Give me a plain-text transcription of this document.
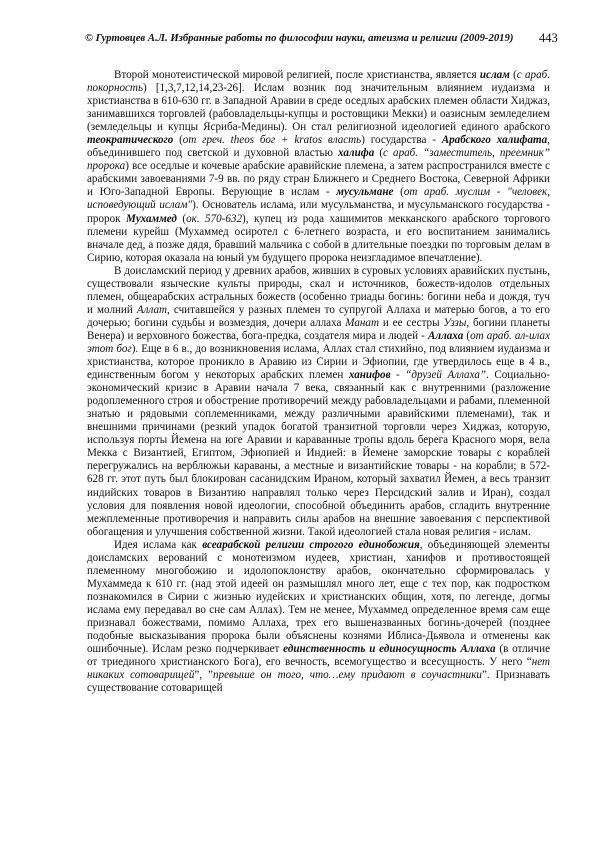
© Гуртовцев А.Л. Избранные работы по философии науки, атеизма и религии (2009-2019)	443

Второй монотеистической мировой религией, после христианства, является ислам (с араб. покорность) [1,3,7,12,14,23-26]. Ислам возник под значительным влиянием иудаизма и христианства в 610-630 гг. в Западной Аравии в среде оседлых арабских племен области Хиджаз, занимавшихся торговлей (рабовладельцы-купцы и ростовщики Мекки) и оазисным земледелием (земледельцы и купцы Ясриба-Медины). Он стал религиозной идеологией единого арабского теократического (от греч. theos бог + kratos власть) государства - Арабского халифата, объединившего под светской и духовной властью халифа (с араб. “заместитель, преемник” пророка) все оседлые и кочевые арабские аравийские племена, а затем распространился вместе с арабскими завоеваниями 7-9 вв. по ряду стран Ближнего и Среднего Востока, Северной Африки и Юго-Западной Европы. Верующие в ислам - мусульмане (от араб. муслим - "человек, исповедующий ислам"). Основатель ислама, или мусульманства, и мусульманского государства - пророк Мухаммед (ок. 570-632), купец из рода хашимитов мекканского арабского торгового племени курейш (Мухаммед осиротел с 6-летнего возраста, и его воспитанием занимались вначале дед, а позже дядя, бравший мальчика с собой в длительные поездки по торговым делам в Сирию, которая оказала на юный ум будущего пророка неизгладимое впечатление).

В доисламский период у древних арабов, живших в суровых условиях аравийских пустынь, существовали языческие культы природы, скал и источников, божеств-идолов отдельных племен, общеарабских астральных божеств (особенно триады богинь: богини неба и дождя, туч и молний Аллат, считавшейся у разных племен то супругой Аллаха и матерью богов, а то его дочерью; богини судьбы и возмездия, дочери аллаха Манат и ее сестры Уззы, богини планеты Венера) и верховного божества, бога-предка, создателя мира и людей - Аллаха (от араб. ал-илах этот бог). Еще в 6 в., до возникновения ислама, Аллах стал стихийно, под влиянием иудаизма и христианства, которое проникло в Аравию из Сирии и Эфиопии, где утвердилось еще в 4 в., единственным богом у некоторых арабских племен ханифов - “друзей Аллаха”. Социально- экономический кризис в Аравии начала 7 века, связанный как с внутренними (разложение родоплеменного строя и обострение противоречий между рабовладельцами и рабами, племенной знатью и рядовыми соплеменниками, между различными аравийскими племенами), так и внешними причинами (резкий упадок богатой транзитной торговли через Хиджаз, которую, используя порты Йемена на юге Аравии и караванные тропы вдоль берега Красного моря, вела Мекка с Византией, Египтом, Эфиопией и Индией: в Йемене заморские товары с кораблей перегружались на верблюжьи караваны, а местные и византийские товары - на корабли; в 572-628 гг. этот путь был блокирован сасанидским Ираном, который захватил Йемен, а весь транзит индийских товаров в Византию направлял только через Персидский залив и Иран), создал условия для появления новой идеологии, способной объединить арабов, сгладить внутренние межплеменные противоречия и направить силы арабов на внешние завоевания с перспективой обогащения и улучшения собственной жизни. Такой идеологией стала новая религия - ислам.

Идея ислама как всеарабской религии строгого единобожия, объединяющей элементы доисламских верований с монотеизмом иудеев, христиан, ханифов и противостоящей племенному многобожию и идолопоклонству арабов, окончательно сформировалась у Мухаммеда к 610 гг. (над этой идеей он размышлял много лет, еще с тех пор, как подростком познакомился в Сирии с жизнью иудейских и христианских общин, хотя, по легенде, догмы ислама ему передавал во сне сам Аллах). Тем не менее, Мухаммед определенное время сам еще признавал божествами, помимо Аллаха, трех его вышеназванных богинь-дочерей (позднее подобные высказывания пророка были объяснены кознями Иблиса-Дьявола и отменены как ошибочные). Ислам резко подчеркивает единственность и единосущность Аллаха (в отличие от триединого христианского Бога), его вечность, всемогущество и всесущность. У него “нет никаких сотоварищей”, ”превыше он того, что…ему придают в соучастники”. Признавать существование сотоварищей
